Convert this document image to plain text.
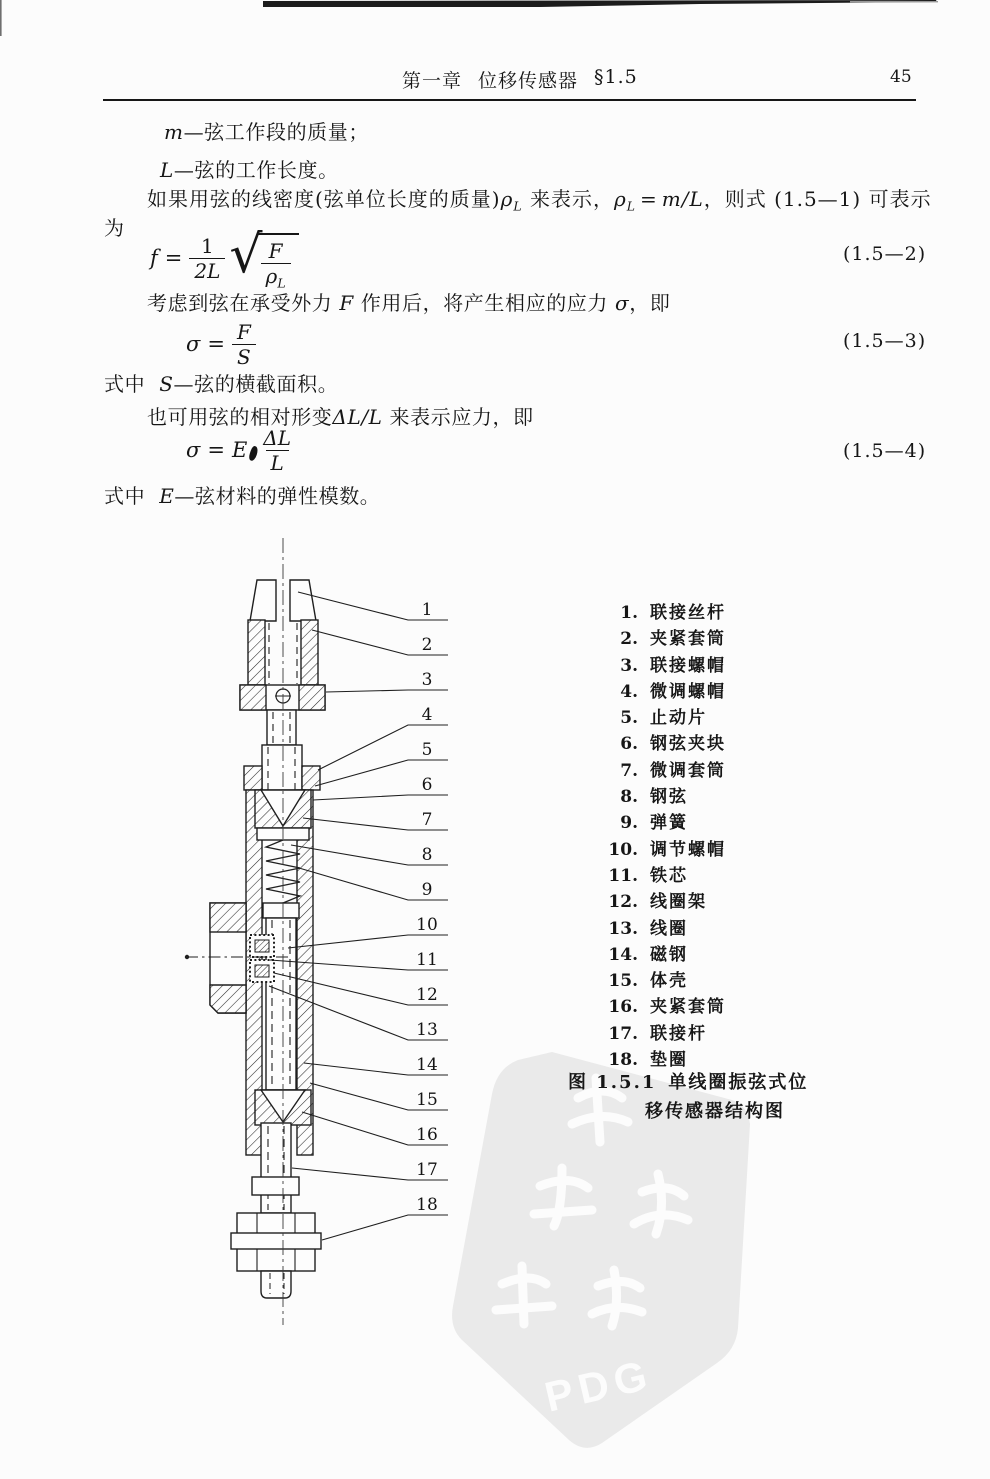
PDG
第一章 位移传感器 §1.5	45
m—弦工作段的质量；
L—弦的工作长度。
如果用弦的线密度(弦单位长度的质量)$\rho_L$ 来表示，$\rho_L = m/L$，则式 (1.5—1) 可表示
为
$f = \frac{1}{2L}$ √
$\frac{F}{\rho_L}$	(1.5—2)
考虑到弦在承受外力 F 作用后，将产生相应的应力 σ，即
$\sigma = \frac{F}{S}$	(1.5—3)
式中 S—弦的横截面积。
也可用弦的相对形变ΔL/L 来表示应力，即
σ = E $\frac{\Delta L}{L}$	(1.5—4)
式中 E—弦材料的弹性模数。
1
2
3
4
5
6
7
8
9
10
11
12
13
14
15
16
17
18
1. 联接丝杆
2. 夹紧套筒
3. 联接螺帽
4. 微调螺帽
5. 止动片
6. 钢弦夹块
7. 微调套筒
8. 钢弦
9. 弹簧
10. 调节螺帽
11. 铁芯
12. 线圈架
13. 线圈
14. 磁钢
15. 体壳
16. 夹紧套筒
17. 联接杆
18. 垫圈
图 1.5.1 单线圈振弦式位
移传感器结构图
